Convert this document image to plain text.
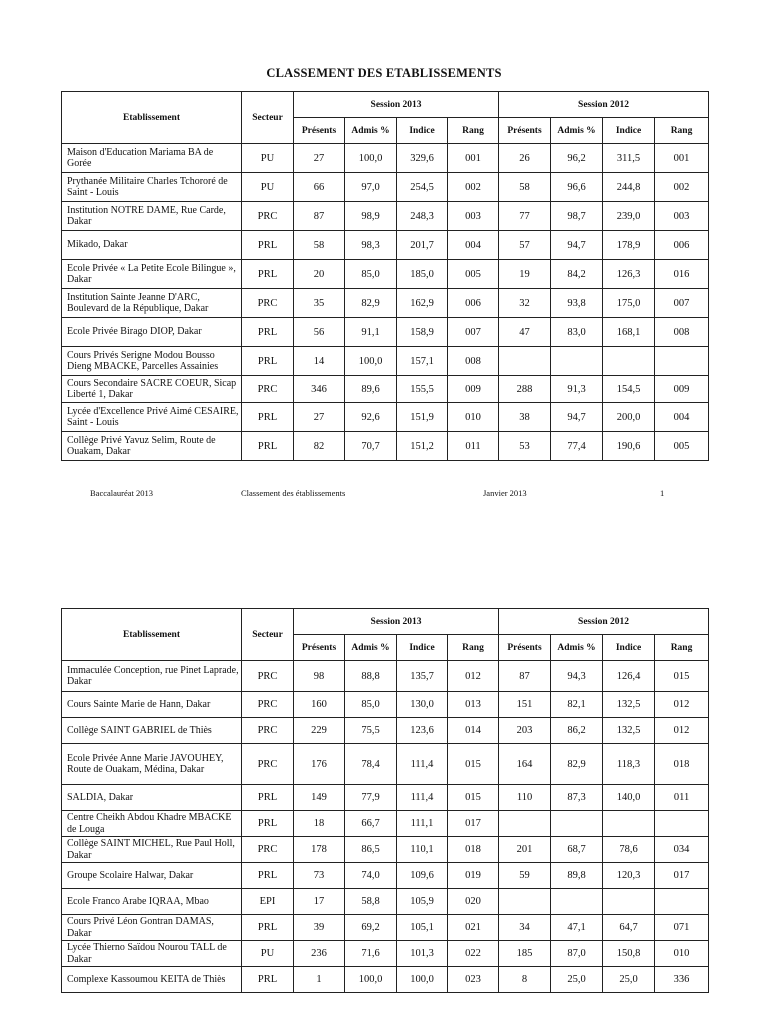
CLASSEMENT DES ETABLISSEMENTS
Etablissement	Secteur	Session 2013				Session 2012			
		Présents	Admis %	Indice	Rang	Présents	Admis %	Indice	Rang
Maison d'Education Mariama BA de Gorée	PU	27	100,0	329,6	001	26	96,2	311,5	001
Prythanée Militaire Charles Tchororé de Saint - Louis	PU	66	97,0	254,5	002	58	96,6	244,8	002
Institution NOTRE DAME, Rue Carde, Dakar	PRC	87	98,9	248,3	003	77	98,7	239,0	003
Mikado, Dakar	PRL	58	98,3	201,7	004	57	94,7	178,9	006
Ecole Privée « La Petite Ecole Bilingue », Dakar	PRL	20	85,0	185,0	005	19	84,2	126,3	016
Institution Sainte Jeanne D'ARC, Boulevard de la République, Dakar	PRC	35	82,9	162,9	006	32	93,8	175,0	007
Ecole Privée Birago DIOP, Dakar	PRL	56	91,1	158,9	007	47	83,0	168,1	008
Cours Privés Serigne Modou Bousso Dieng MBACKE, Parcelles Assainies	PRL	14	100,0	157,1	008				
Cours Secondaire SACRE COEUR, Sicap Liberté 1, Dakar	PRC	346	89,6	155,5	009	288	91,3	154,5	009
Lycée d'Excellence Privé Aimé CESAIRE, Saint - Louis	PRL	27	92,6	151,9	010	38	94,7	200,0	004
Collège Privé Yavuz Selim, Route de Ouakam, Dakar	PRL	82	70,7	151,2	011	53	77,4	190,6	005
Baccalauréat 2013	Classement des établissements	Janvier 2013	1
Etablissement	Secteur	Session 2013				Session 2012			
		Présents	Admis %	Indice	Rang	Présents	Admis %	Indice	Rang
Immaculée Conception, rue Pinet Laprade, Dakar	PRC	98	88,8	135,7	012	87	94,3	126,4	015
Cours Sainte Marie de Hann, Dakar	PRC	160	85,0	130,0	013	151	82,1	132,5	012
Collège SAINT GABRIEL de Thiès	PRC	229	75,5	123,6	014	203	86,2	132,5	012
Ecole Privée Anne Marie JAVOUHEY, Route de Ouakam, Médina, Dakar	PRC	176	78,4	111,4	015	164	82,9	118,3	018
SALDIA, Dakar	PRL	149	77,9	111,4	015	110	87,3	140,0	011
Centre Cheikh Abdou Khadre MBACKE de Louga	PRL	18	66,7	111,1	017				
Collège SAINT MICHEL, Rue Paul Holl, Dakar	PRC	178	86,5	110,1	018	201	68,7	78,6	034
Groupe Scolaire Halwar, Dakar	PRL	73	74,0	109,6	019	59	89,8	120,3	017
Ecole Franco Arabe IQRAA, Mbao	EPI	17	58,8	105,9	020				
Cours Privé Léon Gontran DAMAS, Dakar	PRL	39	69,2	105,1	021	34	47,1	64,7	071
Lycée Thierno Saïdou Nourou TALL de Dakar	PU	236	71,6	101,3	022	185	87,0	150,8	010
Complexe Kassoumou KEITA de Thiès	PRL	1	100,0	100,0	023	8	25,0	25,0	336
